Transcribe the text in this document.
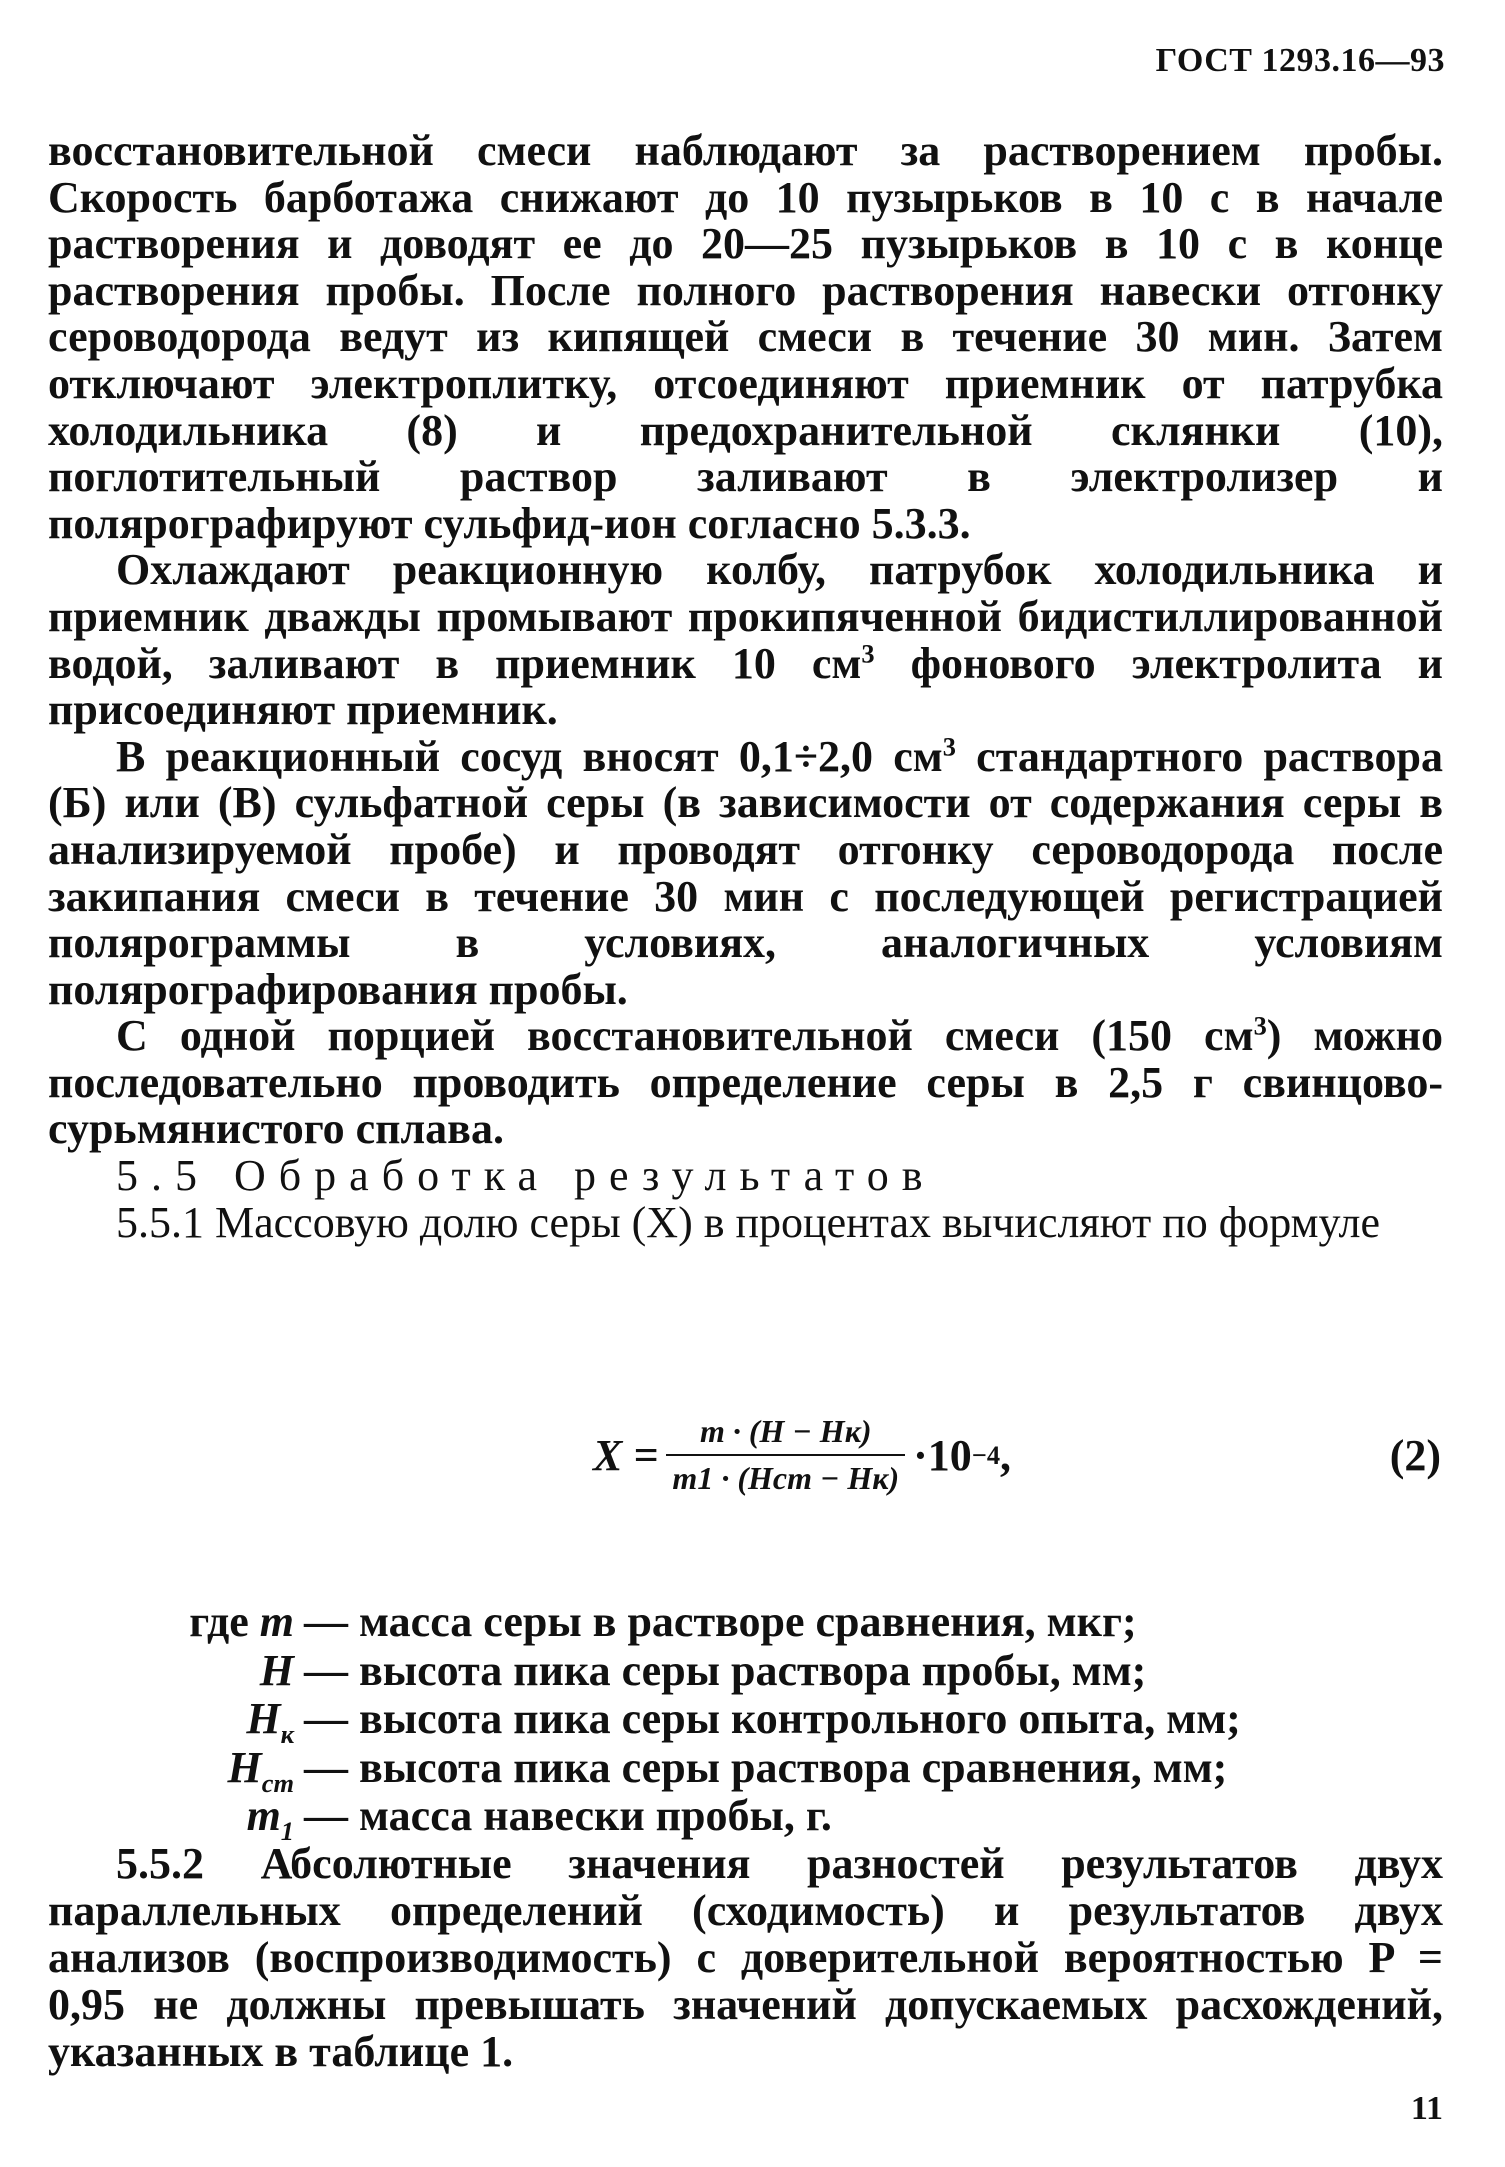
ГОСТ 1293.16—93

восстановительной смеси наблюдают за растворением пробы. Скорость барботажа снижают до 10 пузырьков в 10 с в начале растворения и доводят ее до 20—25 пузырьков в 10 с в конце растворения пробы. После полного растворения навески отгонку сероводорода ведут из кипящей смеси в течение 30 мин. Затем отключают электроплитку, отсоединяют приемник от патрубка холодильника (8) и предохранительной склянки (10), поглотительный раствор заливают в электролизер и полярографируют сульфид-ион согласно 5.3.3.

Охлаждают реакционную колбу, патрубок холодильника и приемник дважды промывают прокипяченной бидистиллированной водой, заливают в приемник 10 $см^3$ фонового электролита и присоединяют приемник.

В реакционный сосуд вносят 0,1÷2,0 $см^3$ стандартного раствора (Б) или (В) сульфатной серы (в зависимости от содержания серы в анализируемой пробе) и проводят отгонку сероводорода после закипания смеси в течение 30 мин с последующей регистрацией полярограммы в условиях, аналогичных условиям полярографирования пробы.

С одной порцией восстановительной смеси (150 $см^3$) можно последовательно проводить определение серы в 2,5 г свинцово-сурьмянистого сплава.

5.5 Обработка результатов

5.5.1 Массовую долю серы (X) в процентах вычисляют по формуле

$X = \frac{m \cdot (H - Hк)}{\text{m1 · (Hст − Hк)}} \cdot 10 -4$ ,	(2)
где m — масса серы в растворе сравнения, мкг;
H — высота пика серы раствора пробы, мм;
$H_к$ — высота пика серы контрольного опыта, мм;
$H_{ст}$ — высота пика серы раствора сравнения, мм;
$m_1$ — масса навески пробы, г.

5.5.2 Абсолютные значения разностей результатов двух параллельных определений (сходимость) и результатов двух анализов (воспроизводимость) с доверительной вероятностью P = 0,95 не должны превышать значений допускаемых расхождений, указанных в таблице 1.

11
